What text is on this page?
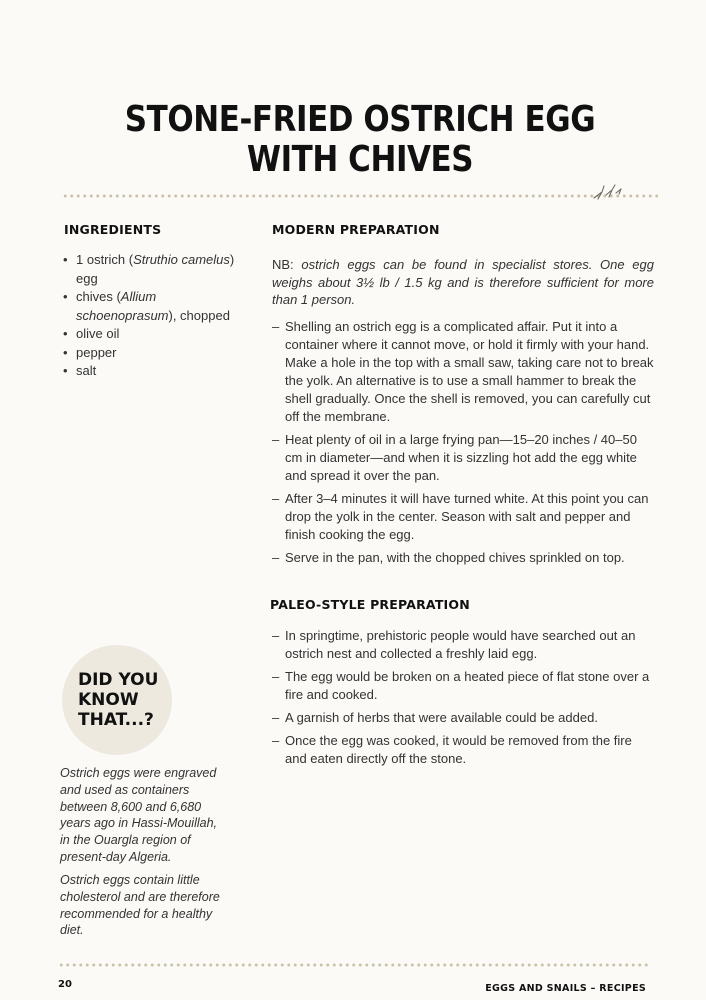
STONE-FRIED OSTRICH EGG
WITH CHIVES
INGREDIENTS
• 1 ostrich (Struthio camelus) egg
• chives (Allium schoenoprasum), chopped
• olive oil
• pepper
• salt
MODERN PREPARATION

NB: ostrich eggs can be found in specialist stores. One egg weighs about 3½ lb / 1.5 kg and is therefore sufficient for more than 1 person.

– Shelling an ostrich egg is a complicated affair. Put it into a container where it cannot move, or hold it firmly with your hand. Make a hole in the top with a small saw, taking care not to break the yolk. An alternative is to use a small hammer to break the shell gradually. Once the shell is removed, you can carefully cut off the membrane.
– Heat plenty of oil in a large frying pan—15–20 inches / 40–50 cm in diameter—and when it is sizzling hot add the egg white and spread it over the pan.
– After 3–4 minutes it will have turned white. At this point you can drop the yolk in the center. Season with salt and pepper and finish cooking the egg.
– Serve in the pan, with the chopped chives sprinkled on top.
PALEO-STYLE PREPARATION
– In springtime, prehistoric people would have searched out an ostrich nest and collected a freshly laid egg.
– The egg would be broken on a heated piece of flat stone over a fire and cooked.
– A garnish of herbs that were available could be added.
– Once the egg was cooked, it would be removed from the fire and eaten directly off the stone.

DID YOU KNOW THAT...?

Ostrich eggs were engraved and used as containers between 8,600 and 6,680 years ago in Hassi-Mouillah, in the Ouargla region of present-day Algeria.

Ostrich eggs contain little cholesterol and are therefore recommended for a healthy diet.

20	EGGS AND SNAILS – RECIPES
